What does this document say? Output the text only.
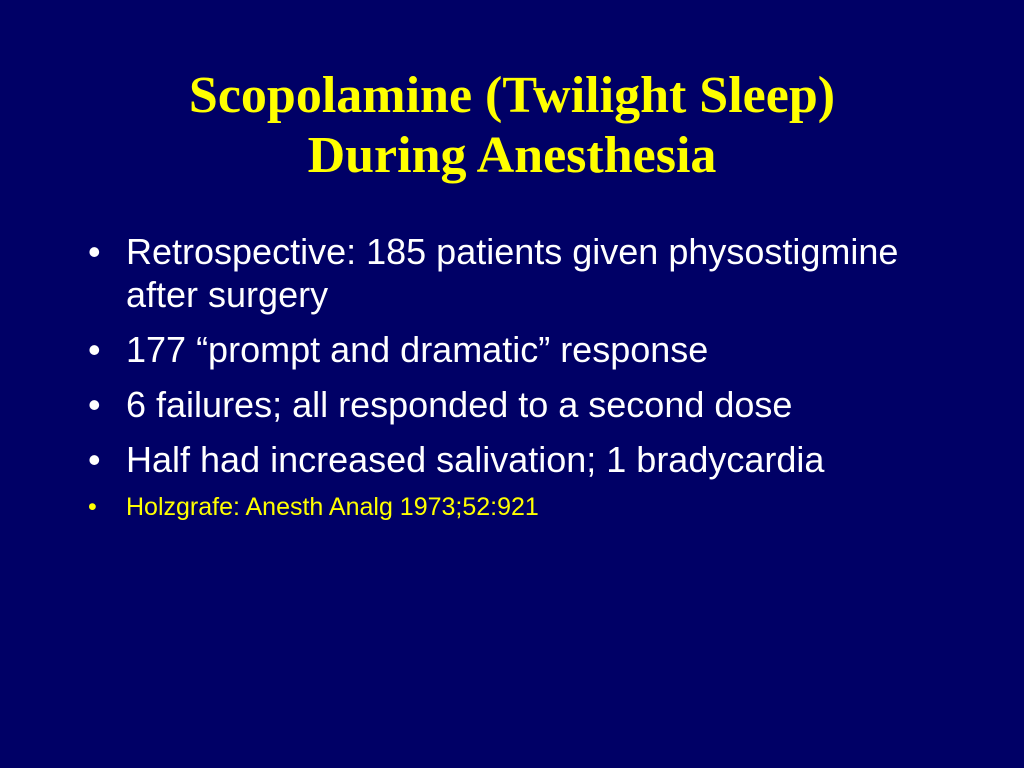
Scopolamine (Twilight Sleep)
During Anesthesia
• Retrospective: 185 patients given physostigmine after surgery
• 177 “prompt and dramatic” response
• 6 failures; all responded to a second dose
• Half had increased salivation; 1 bradycardia
•	Holzgrafe: Anesth Analg 1973;52:921
